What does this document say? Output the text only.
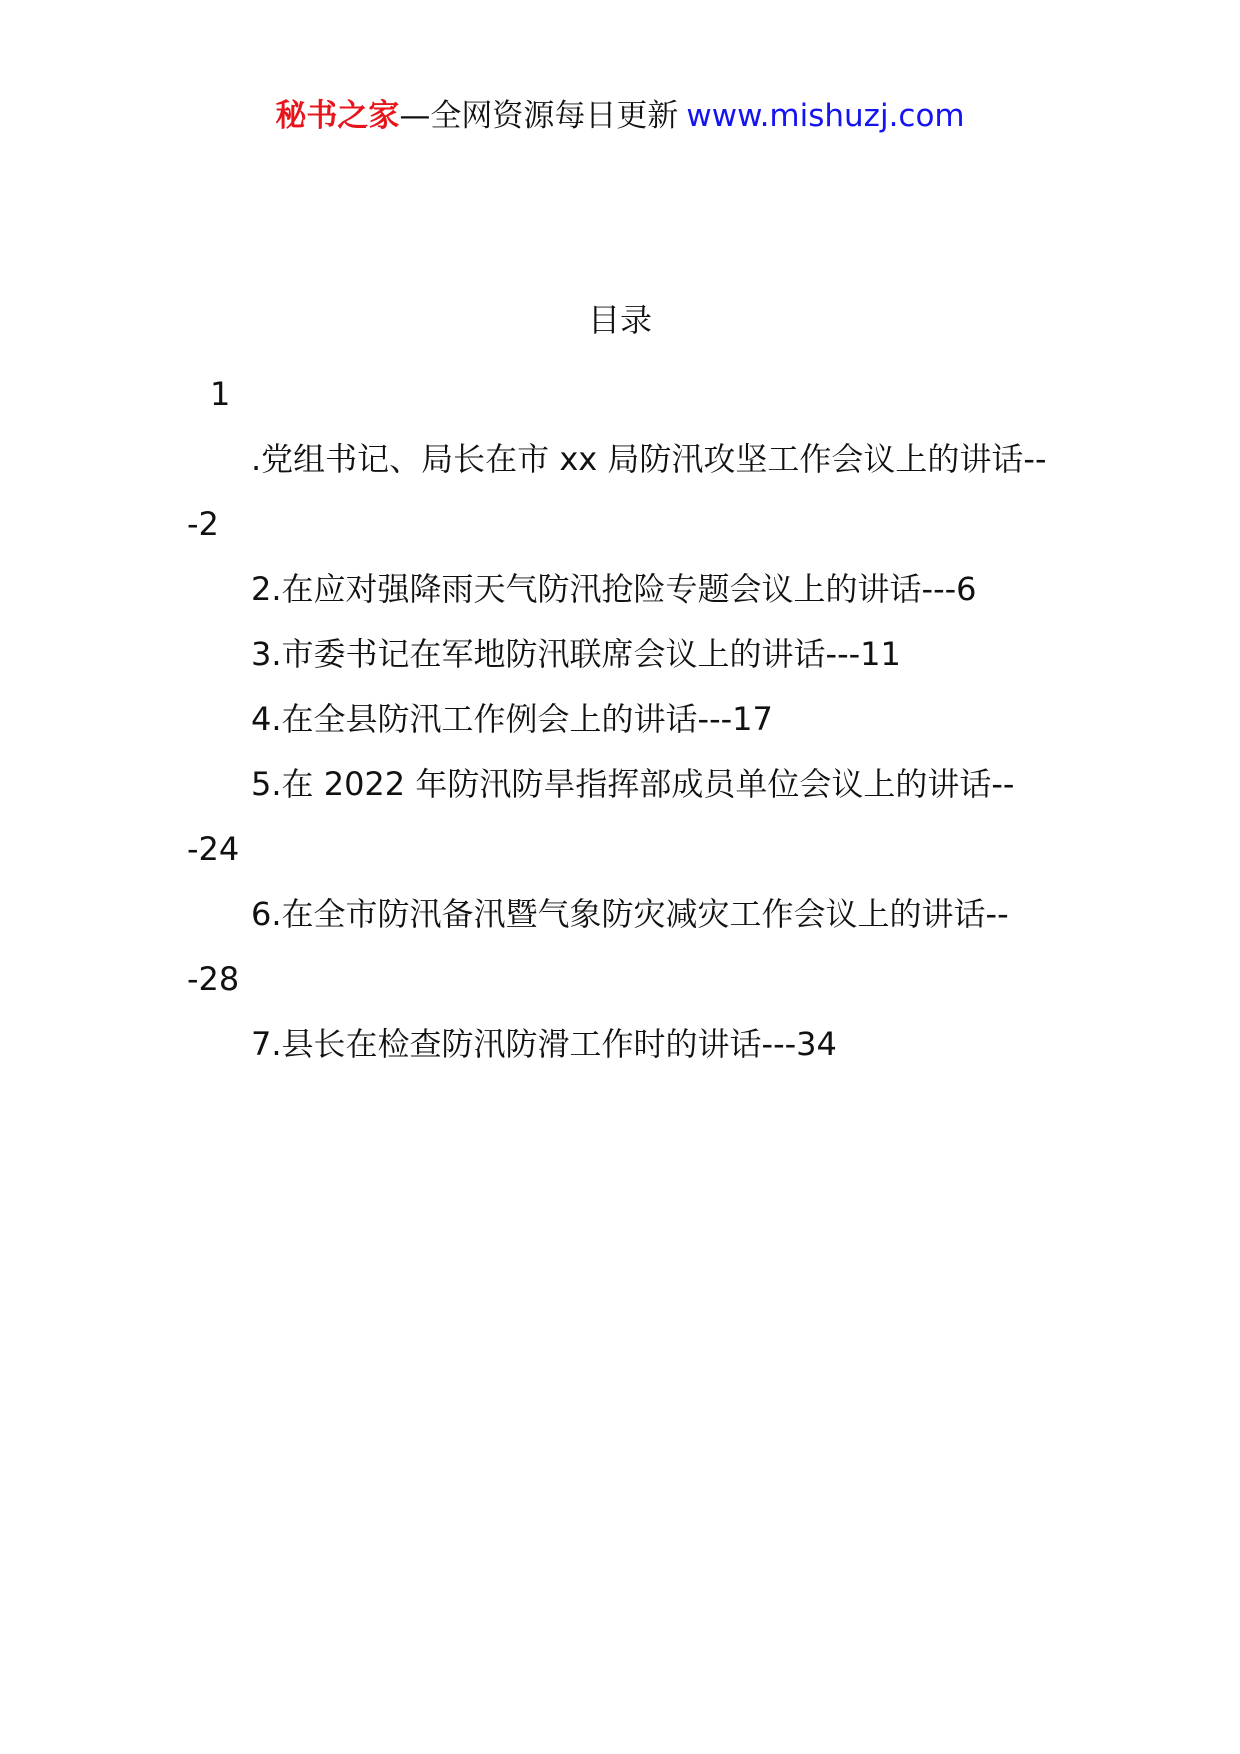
秘书之家—全网资源每日更新 www.mishuzj.com
目录
1

.党组书记、局长在市 xx 局防汛攻坚工作会议上的讲话---2

2.在应对强降雨天气防汛抢险专题会议上的讲话---6

3.市委书记在军地防汛联席会议上的讲话---11

4.在全县防汛工作例会上的讲话---17

5.在 2022 年防汛防旱指挥部成员单位会议上的讲话---24

6.在全市防汛备汛暨气象防灾减灾工作会议上的讲话---28

7.县长在检查防汛防滑工作时的讲话---34
